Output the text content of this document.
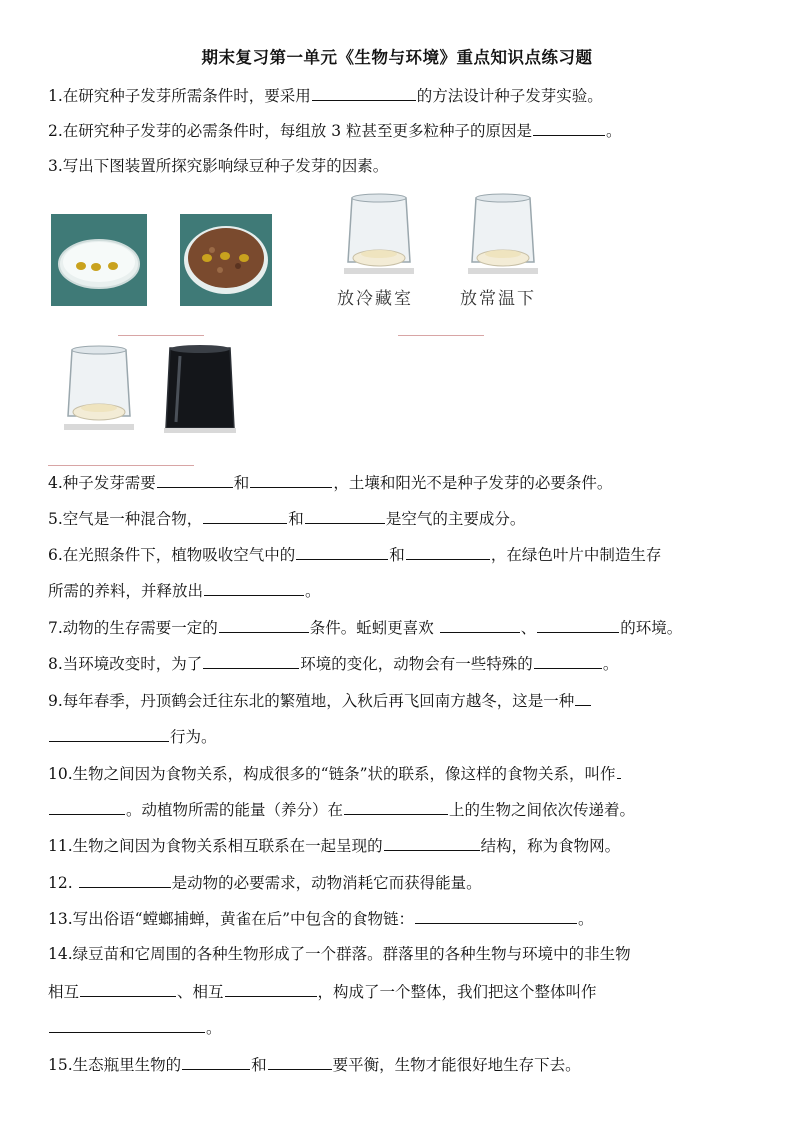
期末复习第一单元《生物与环境》重点知识点练习题
1.在研究种子发芽所需条件时，要采用	的方法设计种子发芽实验。
2.在研究种子发芽的必需条件时，每组放 3 粒甚至更多粒种子的原因是	。
3.写出下图装置所探究影响绿豆种子发芽的因素。
放冷藏室	放常温下
4.种子发芽需要	和	，土壤和阳光不是种子发芽的必要条件。
5.空气是一种混合物，	和	是空气的主要成分。
6.在光照条件下，植物吸收空气中的	和	，在绿色叶片中制造生存
所需的养料，并释放出	。
7.动物的生存需要一定的	条件。蚯蚓更喜欢	、	的环境。
8.当环境改变时，为了	环境的变化，动物会有一些特殊的	。
9.每年春季，丹顶鹤会迁往东北的繁殖地，入秋后再飞回南方越冬，这是一种
行为。
10.生物之间因为食物关系，构成很多的“链条”状的联系，像这样的食物关系，叫作
。动植物所需的能量（养分）在	上的生物之间依次传递着。
11.生物之间因为食物关系相互联系在一起呈现的	结构，称为食物网。
12.	是动物的必要需求，动物消耗它而获得能量。
13.写出俗语“螳螂捕蝉，黄雀在后”中包含的食物链：	。
14.绿豆苗和它周围的各种生物形成了一个群落。群落里的各种生物与环境中的非生物
相互	、相互	，构成了一个整体，我们把这个整体叫作
。
15.生态瓶里生物的	和	要平衡，生物才能很好地生存下去。
